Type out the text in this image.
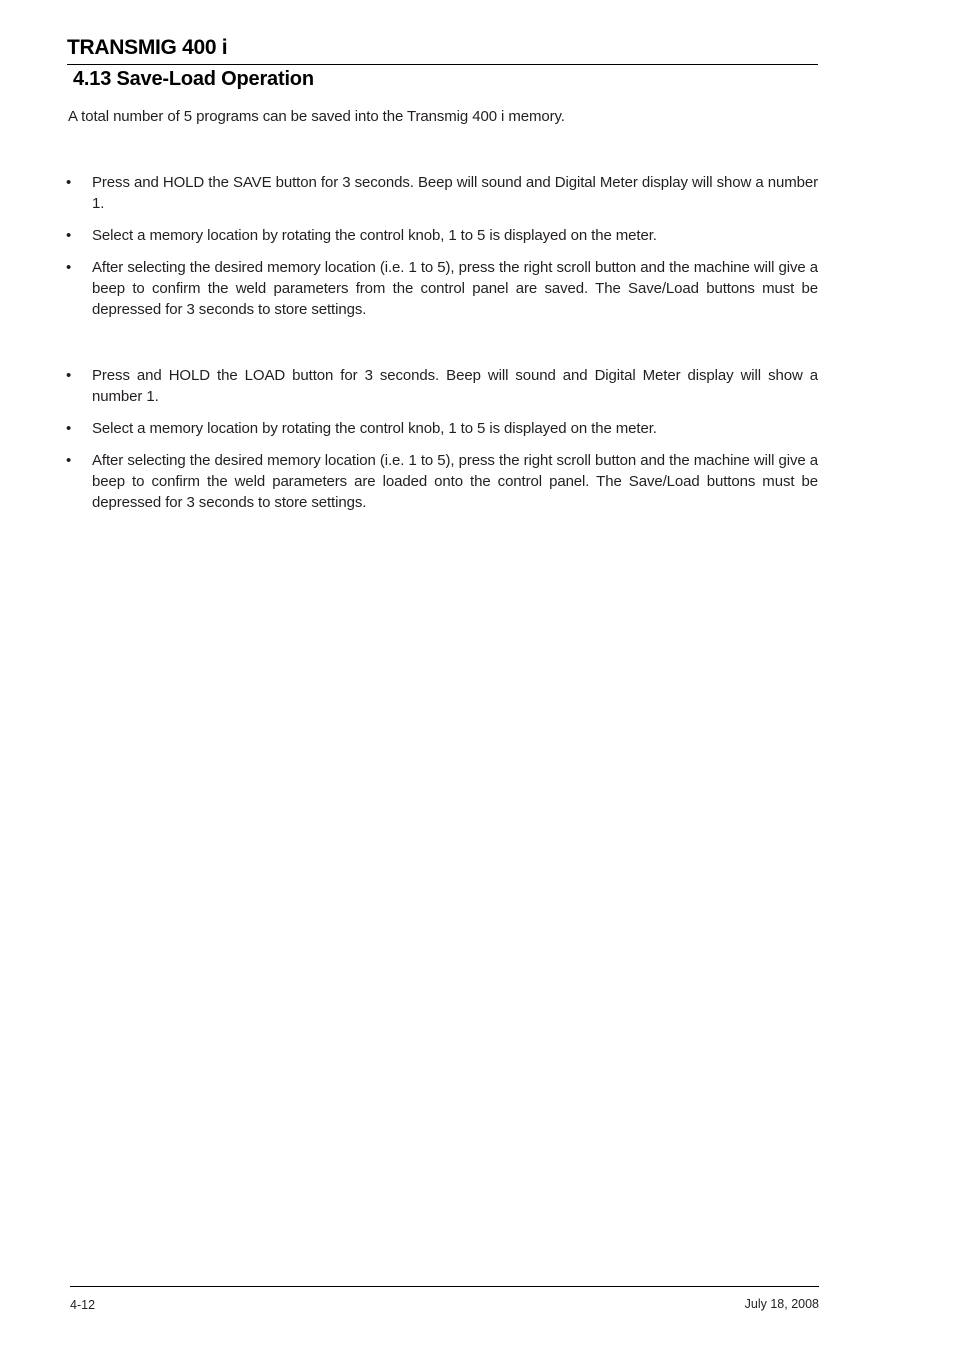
TRANSMIG 400 i
4.13 Save-Load Operation

A total number of 5 programs can be saved into the Transmig 400 i memory.

•	Press and HOLD the SAVE button for 3 seconds. Beep will sound and Digital Meter display will show a number 1.
•	Select a memory location by rotating the control knob, 1 to 5 is displayed on the meter.
•	After selecting the desired memory location (i.e. 1 to 5), press the right scroll button and the machine will give a beep to confirm the weld parameters from the control panel are saved. The Save/Load buttons must be depressed for 3 seconds to store settings.
•	Press and HOLD the LOAD button for 3 seconds. Beep will sound and Digital Meter display will show a number 1.
•	Select a memory location by rotating the control knob, 1 to 5 is displayed on the meter.
•	After selecting the desired memory location (i.e. 1 to 5), press the right scroll button and the machine will give a beep to confirm the weld parameters are loaded onto the control panel. The Save/Load buttons must be depressed for 3 seconds to store settings.

4-12	July 18, 2008
